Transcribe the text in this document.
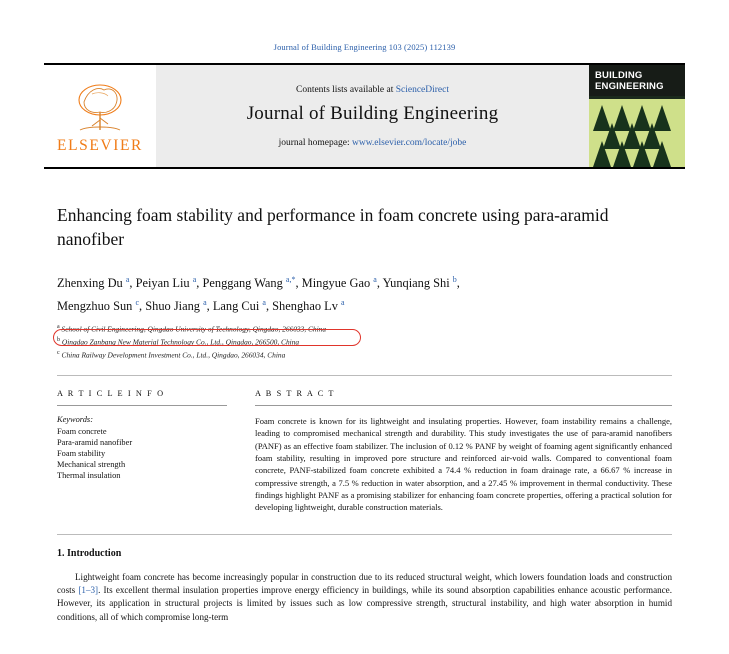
Journal of Building Engineering 103 (2025) 112139
ELSEVIER
Contents lists available at ScienceDirect
Journal of Building Engineering
journal homepage: www.elsevier.com/locate/jobe
BUILDING
ENGINEERING
Enhancing foam stability and performance in foam concrete using para-aramid nanofiber
Zhenxing Du $^a$, Peiyan Liu $^a$, Penggang Wang $^{a,*}$, Mingyue Gao $^a$, Yunqiang Shi $^b$,
Mengzhuo Sun $^c$, Shuo Jiang $^a$, Lang Cui $^a$, Shenghao Lv $^a$
$^a$ School of Civil Engineering, Qingdao University of Technology, Qingdao, 266033, China
$^b$ Qingdao Zanbang New Material Technology Co., Ltd., Qingdao, 266500, China
$^c$ China Railway Development Investment Co., Ltd., Qingdao, 266034, China
A R T I C L E I N F O
Keywords:
Foam concrete
Para-aramid nanofiber
Foam stability
Mechanical strength
Thermal insulation
A B S T R A C T
Foam concrete is known for its lightweight and insulating properties. However, foam instability remains a challenge, leading to compromised mechanical strength and durability. This study investigates the use of para-aramid nanofibers (PANF) as an effective foam stabilizer. The inclusion of 0.12 % PANF by weight of foaming agent significantly enhanced foam stability, resulting in improved pore structure and reinforced air-void walls. Compared to conventional foam concrete, PANF-stabilized foam concrete exhibited a 74.4 % reduction in foam drainage rate, a 66.67 % increase in compressive strength, a 7.5 % reduction in water absorption, and a 27.45 % improvement in thermal conductivity. These findings highlight PANF as a promising stabilizer for enhancing foam concrete properties, offering a practical solution for developing lightweight, durable construction materials.
1. Introduction
Lightweight foam concrete has become increasingly popular in construction due to its reduced structural weight, which lowers foundation loads and construction costs [1–3]. Its excellent thermal insulation properties improve energy efficiency in buildings, while its sound absorption capabilities enhance acoustic performance. However, its application in structural projects is limited by issues such as low compressive strength, structural instability, and high water absorption in humid conditions, all of which compromise long-term
